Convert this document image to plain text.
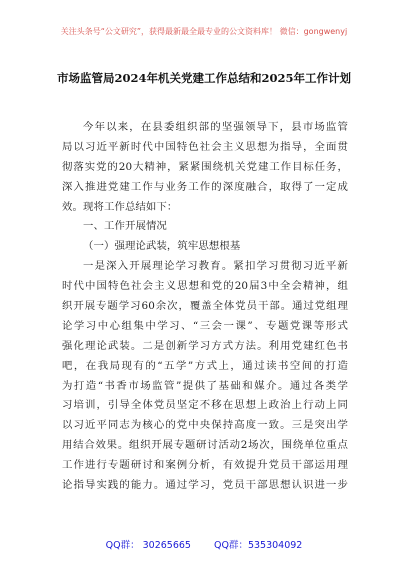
关注头条号“公文研究”，获得最新最全最专业的公文资料库！ 微信：gongwenyj
市场监管局2024年机关党建工作总结和2025年工作计划
今年以来，在县委组织部的坚强领导下，县市场监管
局以习近平新时代中国特色社会主义思想为指导，全面贯
彻落实党的20大精神，紧紧围绕机关党建工作目标任务，
深入推进党建工作与业务工作的深度融合，取得了一定成
效。现将工作总结如下：
一、工作开展情况
（一）强理论武装，筑牢思想根基
一是深入开展理论学习教育。紧扣学习贯彻习近平新
时代中国特色社会主义思想和党的20届3中全会精神，组
织开展专题学习60余次，覆盖全体党员干部。通过党组理
论学习中心组集中学习、“三会一课”、专题党课等形式
强化理论武装。二是创新学习方式方法。利用党建红色书
吧，在我局现有的“五学”方式上，通过读书空间的打造
为打造“书香市场监管”提供了基础和媒介。通过各类学
习培训，引导全体党员坚定不移在思想上政治上行动上同
以习近平同志为核心的党中央保持高度一致。三是突出学
用结合效果。组织开展专题研讨活动2场次，围绕单位重点
工作进行专题研讨和案例分析，有效提升党员干部运用理
论指导实践的能力。通过学习，党员干部思想认识进一步
QQ群： 30265665 QQ群：535304092
